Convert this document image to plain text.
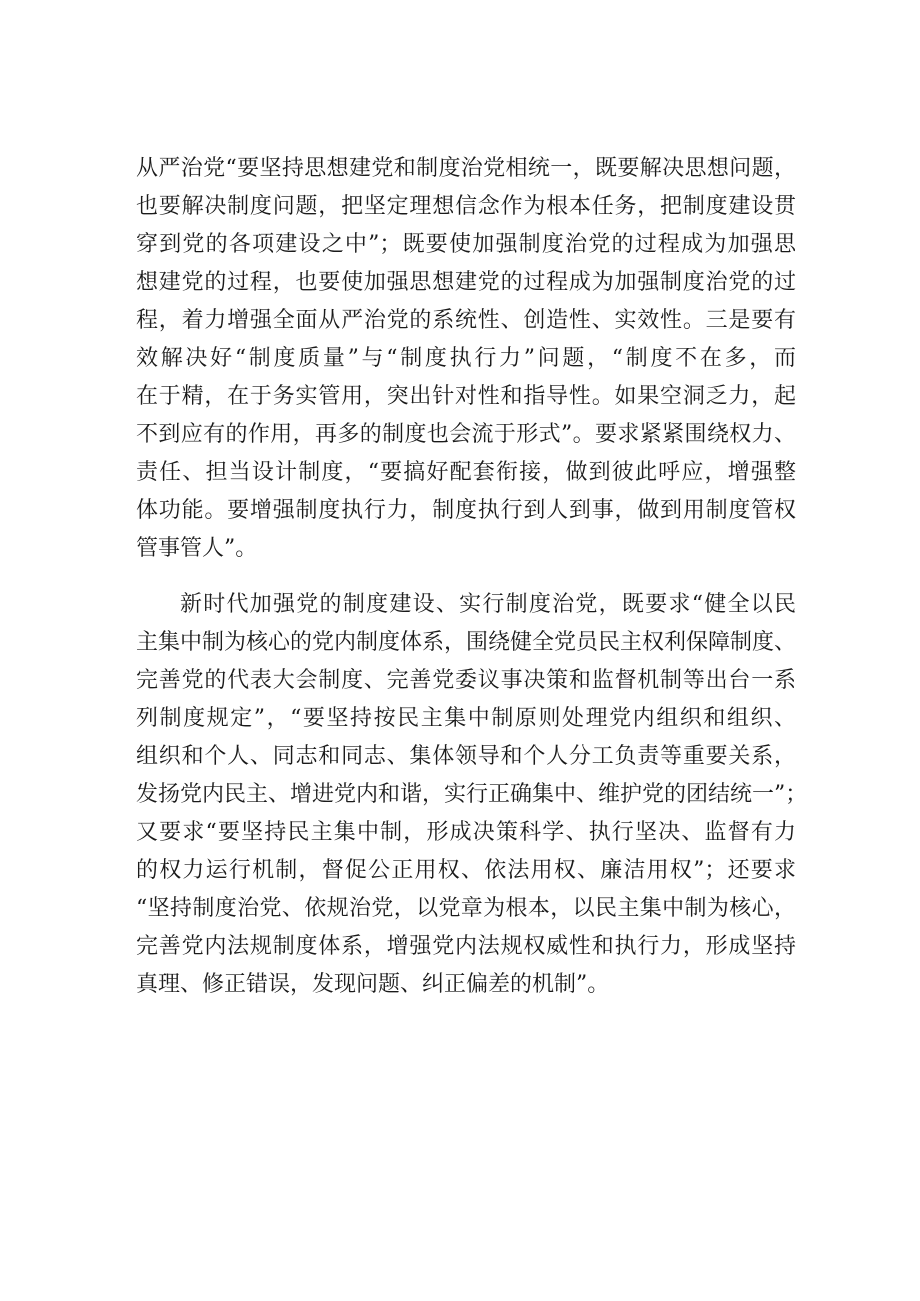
从严治党“要坚持思想建党和制度治党相统一，既要解决思想问题，
也要解决制度问题，把坚定理想信念作为根本任务，把制度建设贯
穿到党的各项建设之中”；既要使加强制度治党的过程成为加强思
想建党的过程，也要使加强思想建党的过程成为加强制度治党的过
程，着力增强全面从严治党的系统性、创造性、实效性。三是要有
效解决好“制度质量”与“制度执行力”问题，“制度不在多，而
在于精，在于务实管用，突出针对性和指导性。如果空洞乏力，起
不到应有的作用，再多的制度也会流于形式”。要求紧紧围绕权力、
责任、担当设计制度，“要搞好配套衔接，做到彼此呼应，增强整
体功能。要增强制度执行力，制度执行到人到事，做到用制度管权
管事管人”。
新时代加强党的制度建设、实行制度治党，既要求“健全以民
主集中制为核心的党内制度体系，围绕健全党员民主权利保障制度、
完善党的代表大会制度、完善党委议事决策和监督机制等出台一系
列制度规定”，“要坚持按民主集中制原则处理党内组织和组织、
组织和个人、同志和同志、集体领导和个人分工负责等重要关系，
发扬党内民主、增进党内和谐，实行正确集中、维护党的团结统一”；
又要求“要坚持民主集中制，形成决策科学、执行坚决、监督有力
的权力运行机制，督促公正用权、依法用权、廉洁用权”；还要求
“坚持制度治党、依规治党，以党章为根本，以民主集中制为核心，
完善党内法规制度体系，增强党内法规权威性和执行力，形成坚持
真理、修正错误，发现问题、纠正偏差的机制”。
